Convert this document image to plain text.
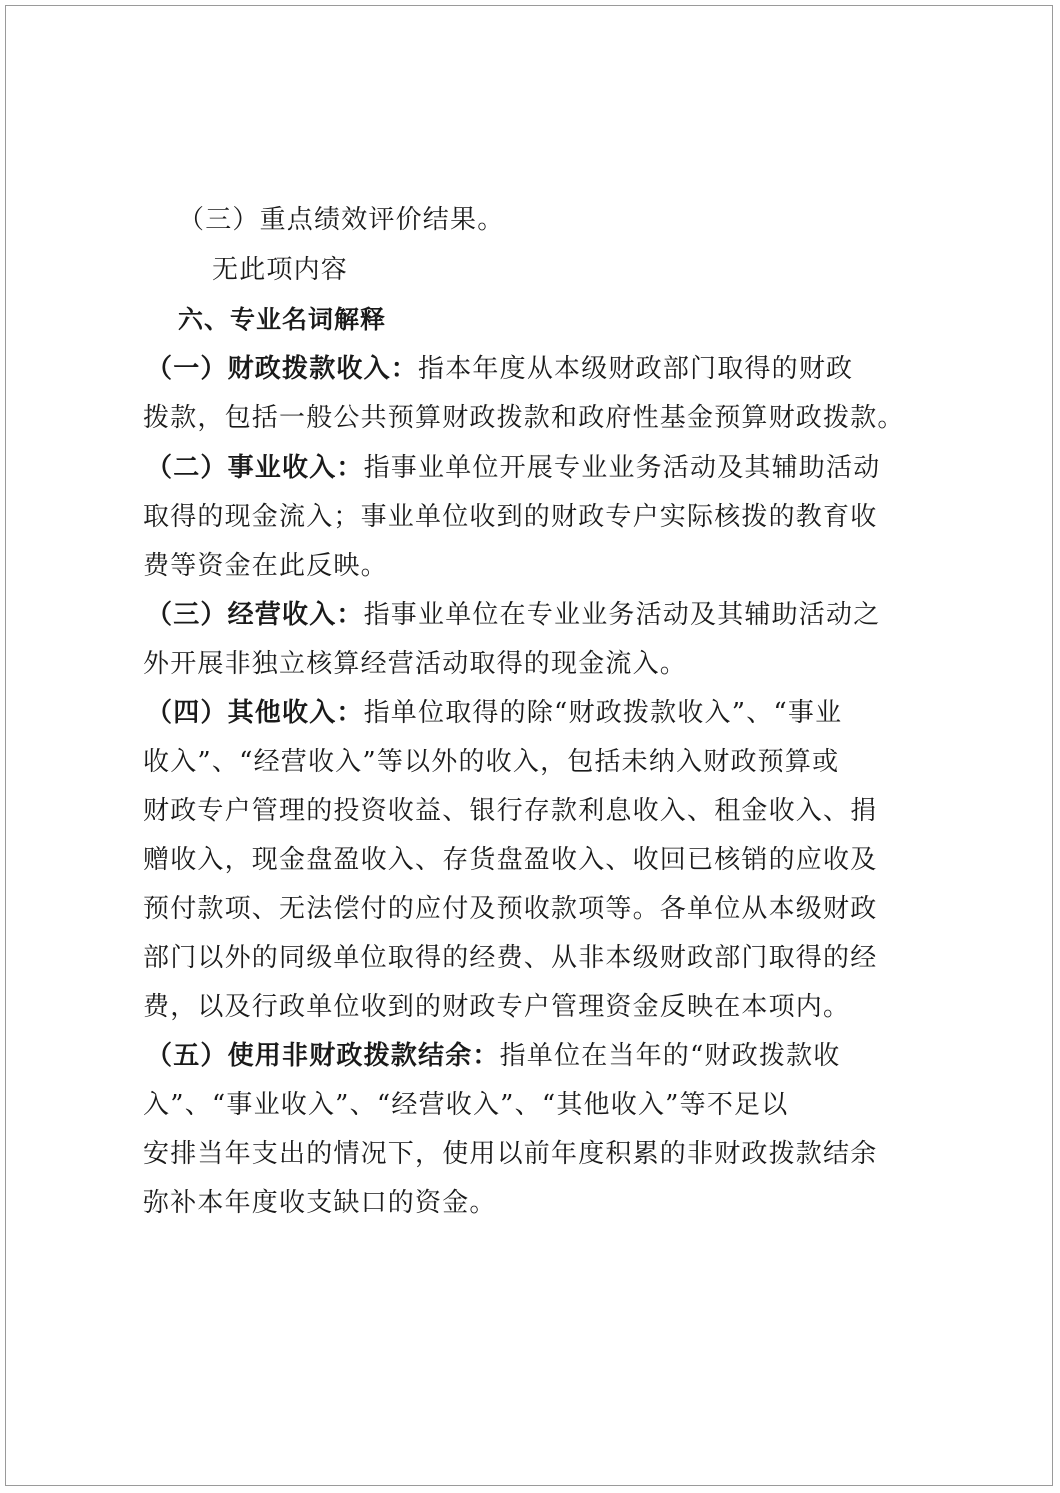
（三）重点绩效评价结果。
无此项内容
六、专业名词解释
（一）财政拨款收入：指本年度从本级财政部门取得的财政
拨款，包括一般公共预算财政拨款和政府性基金预算财政拨款。
（二）事业收入：指事业单位开展专业业务活动及其辅助活动
取得的现金流入；事业单位收到的财政专户实际核拨的教育收
费等资金在此反映。
（三）经营收入：指事业单位在专业业务活动及其辅助活动之
外开展非独立核算经营活动取得的现金流入。
（四）其他收入：指单位取得的除“财政拨款收入”、“事业
收入”、“经营收入”等以外的收入，包括未纳入财政预算或
财政专户管理的投资收益、银行存款利息收入、租金收入、捐
赠收入，现金盘盈收入、存货盘盈收入、收回已核销的应收及
预付款项、无法偿付的应付及预收款项等。各单位从本级财政
部门以外的同级单位取得的经费、从非本级财政部门取得的经
费，以及行政单位收到的财政专户管理资金反映在本项内。
（五）使用非财政拨款结余：指单位在当年的“财政拨款收
入”、“事业收入”、“经营收入”、“其他收入”等不足以
安排当年支出的情况下，使用以前年度积累的非财政拨款结余
弥补本年度收支缺口的资金。
